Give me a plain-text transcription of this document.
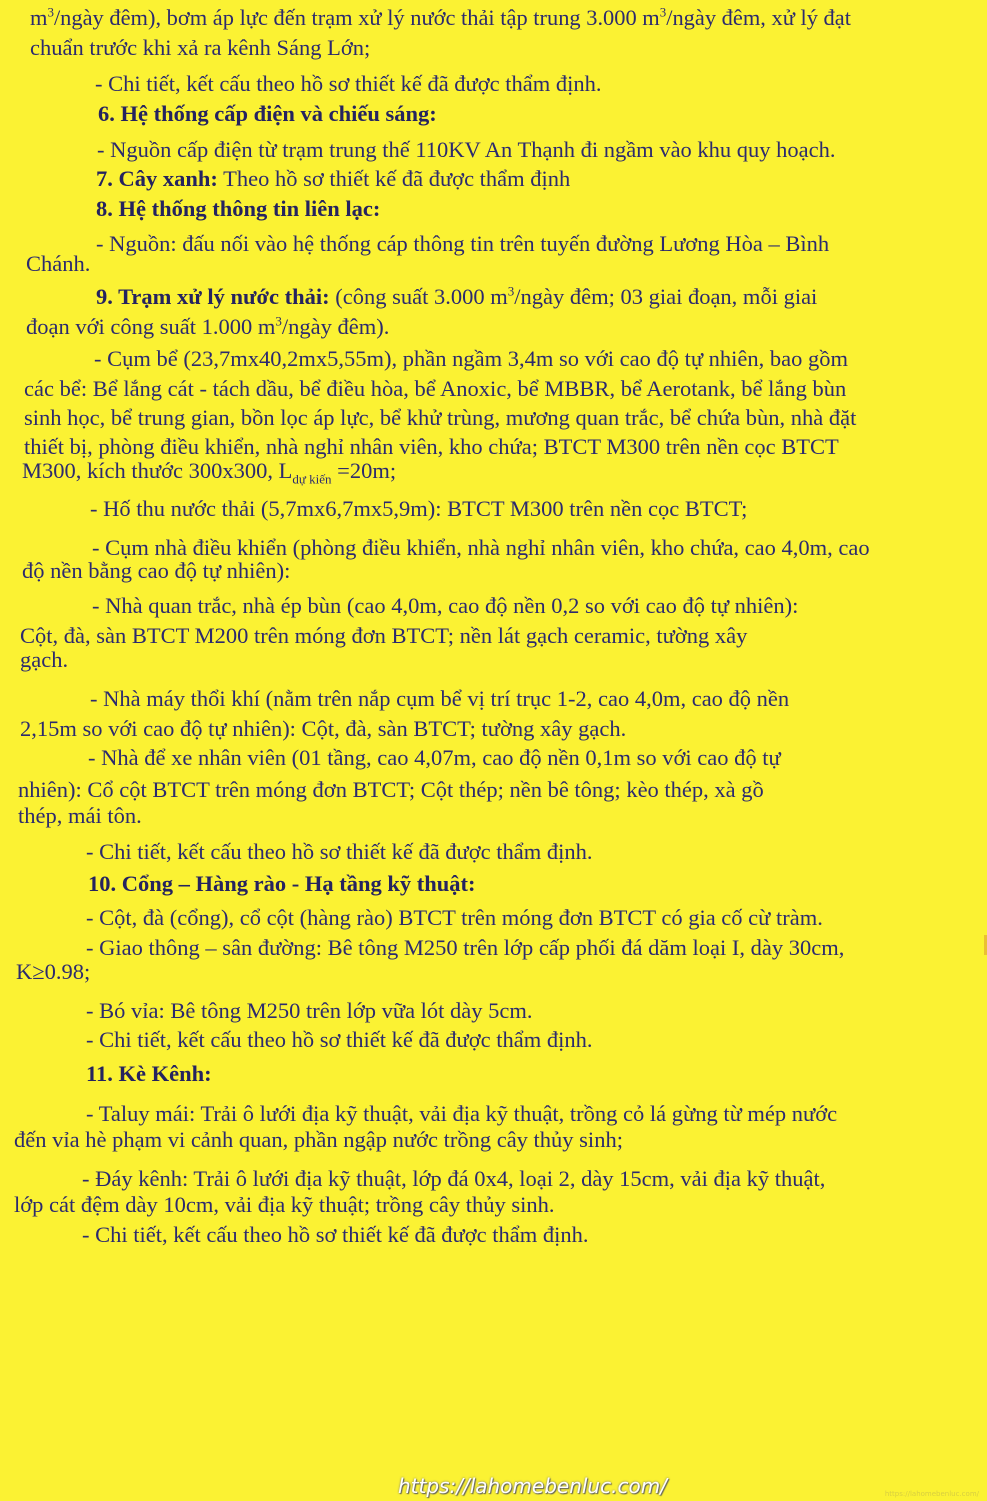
$m^3$/ngày đêm), bơm áp lực đến trạm xử lý nước thải tập trung 3.000 $m^3$/ngày đêm, xử lý đạt
chuẩn trước khi xả ra kênh Sáng Lớn;
- Chi tiết, kết cấu theo hồ sơ thiết kế đã được thẩm định.
6. Hệ thống cấp điện và chiếu sáng:
- Nguồn cấp điện từ trạm trung thế 110KV An Thạnh đi ngầm vào khu quy hoạch.
7. Cây xanh: Theo hồ sơ thiết kế đã được thẩm định
8. Hệ thống thông tin liên lạc:
- Nguồn: đấu nối vào hệ thống cáp thông tin trên tuyến đường Lương Hòa – Bình
Chánh.
9. Trạm xử lý nước thải: (công suất 3.000 $m^3$/ngày đêm; 03 giai đoạn, mỗi giai
đoạn với công suất 1.000 $m^3$/ngày đêm).
- Cụm bể (23,7mx40,2mx5,55m), phần ngầm 3,4m so với cao độ tự nhiên, bao gồm
các bể: Bể lắng cát - tách dầu, bể điều hòa, bể Anoxic, bể MBBR, bể Aerotank, bể lắng bùn
sinh học, bể trung gian, bồn lọc áp lực, bể khử trùng, mương quan trắc, bể chứa bùn, nhà đặt
thiết bị, phòng điều khiển, nhà nghỉ nhân viên, kho chứa; BTCT M300 trên nền cọc BTCT
M300, kích thước 300x300, $L_{dự kiến} =20m$;
- Hố thu nước thải (5,7mx6,7mx5,9m): BTCT M300 trên nền cọc BTCT;
- Cụm nhà điều khiển (phòng điều khiển, nhà nghỉ nhân viên, kho chứa, cao 4,0m, cao
độ nền bằng cao độ tự nhiên):
- Nhà quan trắc, nhà ép bùn (cao 4,0m, cao độ nền 0,2 so với cao độ tự nhiên):
Cột, đà, sàn BTCT M200 trên móng đơn BTCT; nền lát gạch ceramic, tường xây
gạch.
- Nhà máy thổi khí (nằm trên nắp cụm bể vị trí trục 1-2, cao 4,0m, cao độ nền
2,15m so với cao độ tự nhiên): Cột, đà, sàn BTCT; tường xây gạch.
- Nhà để xe nhân viên (01 tầng, cao 4,07m, cao độ nền 0,1m so với cao độ tự
nhiên): Cổ cột BTCT trên móng đơn BTCT; Cột thép; nền bê tông; kèo thép, xà gồ
thép, mái tôn.
- Chi tiết, kết cấu theo hồ sơ thiết kế đã được thẩm định.
10. Cổng – Hàng rào - Hạ tầng kỹ thuật:
- Cột, đà (cổng), cổ cột (hàng rào) BTCT trên móng đơn BTCT có gia cố cừ tràm.
- Giao thông – sân đường: Bê tông M250 trên lớp cấp phối đá dăm loại I, dày 30cm,
K≥0.98;
- Bó vỉa: Bê tông M250 trên lớp vữa lót dày 5cm.
- Chi tiết, kết cấu theo hồ sơ thiết kế đã được thẩm định.
11. Kè Kênh:
- Taluy mái: Trải ô lưới địa kỹ thuật, vải địa kỹ thuật, trồng cỏ lá gừng từ mép nước
đến vỉa hè phạm vi cảnh quan, phần ngập nước trồng cây thủy sinh;
- Đáy kênh: Trải ô lưới địa kỹ thuật, lớp đá 0x4, loại 2, dày 15cm, vải địa kỹ thuật,
lớp cát đệm dày 10cm, vải địa kỹ thuật; trồng cây thủy sinh.
- Chi tiết, kết cấu theo hồ sơ thiết kế đã được thẩm định.
https://lahomebenluc.com/	https://lahomebenluc.com/
